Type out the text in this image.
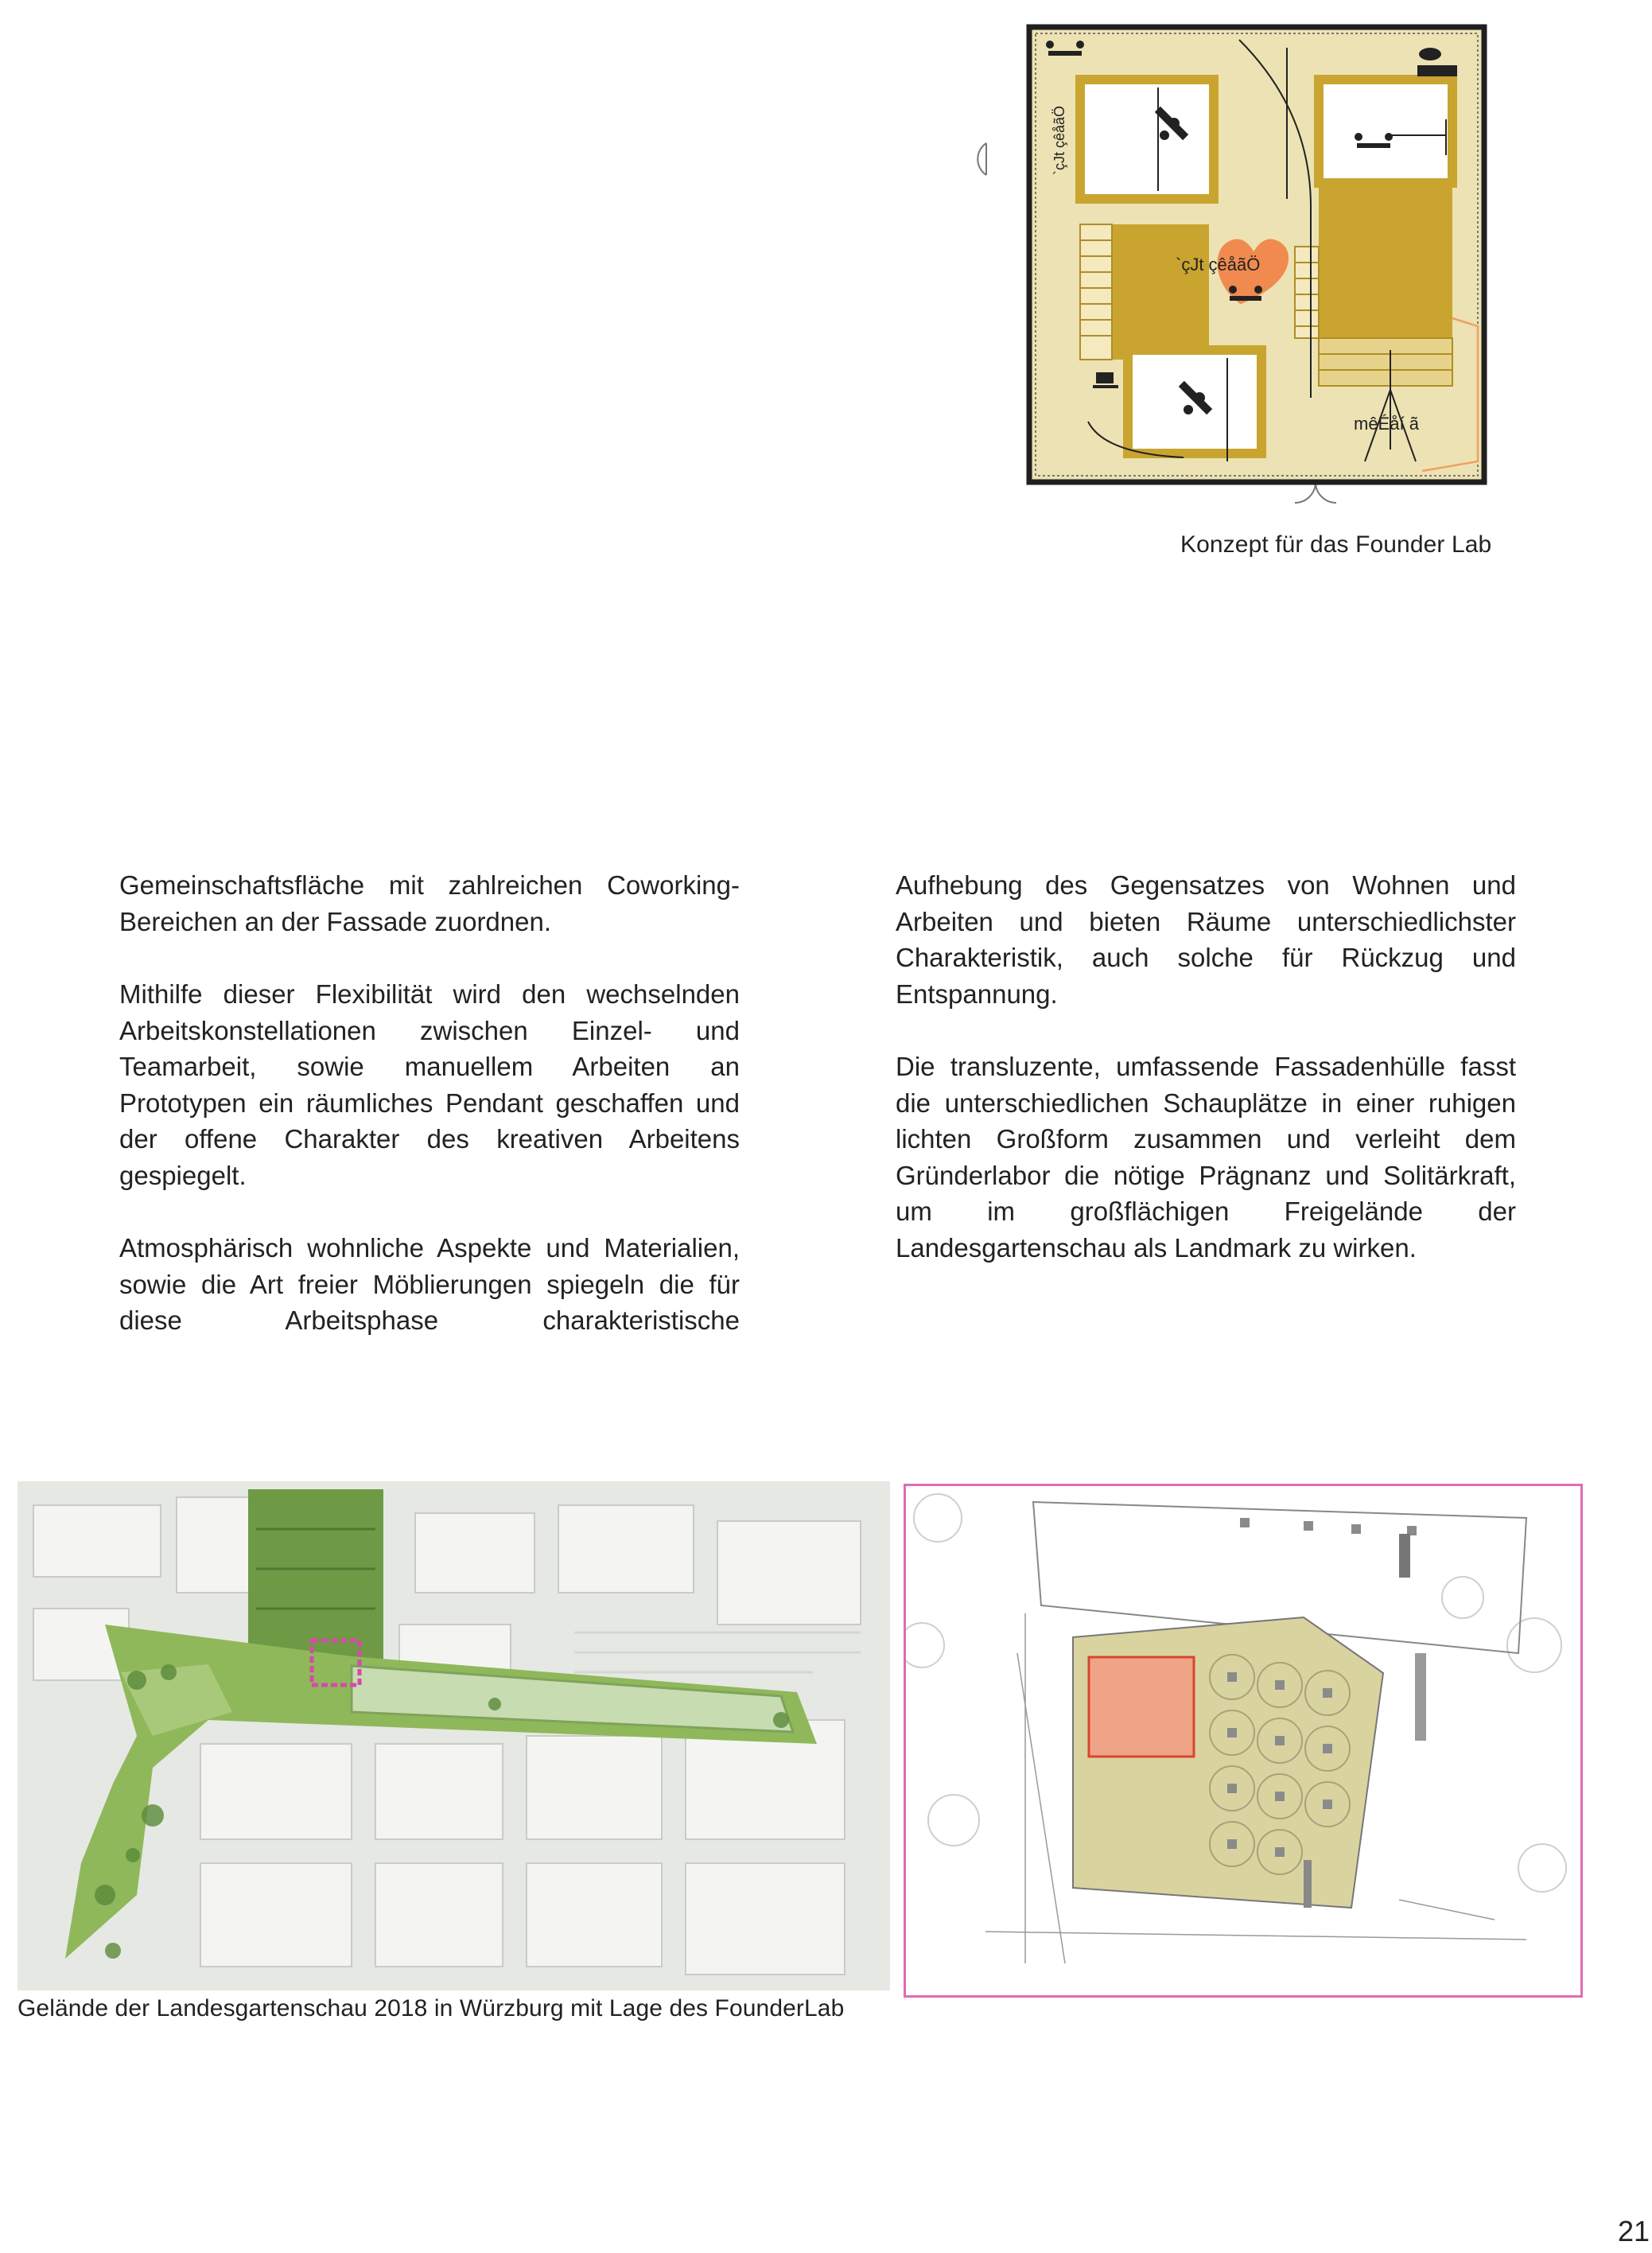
`çJt çêåãÖ
`çJt çêåãÖ
mêÉåí ã
Konzept für das Founder Lab

Gemeinschaftsfläche mit zahlreichen Coworking-Bereichen an der Fassade zuordnen.

Mithilfe dieser Flexibilität wird den wechselnden Arbeitskonstellationen zwischen Einzel- und Teamarbeit, sowie manuellem Arbeiten an Prototypen ein räumliches Pendant geschaffen und der offene Charakter des kreativen Arbeitens gespiegelt.

Atmosphärisch wohnliche Aspekte und Materialien, sowie die Art freier Möblierungen spiegeln die für diese Arbeitsphase charakteristische

Aufhebung des Gegensatzes von Wohnen und Arbeiten und bieten Räume unterschiedlichster Charakteristik, auch solche für Rückzug und Entspannung.

Die transluzente, umfassende Fassadenhülle fasst die unterschiedlichen Schauplätze in einer ruhigen lichten Großform zusammen und verleiht dem Gründerlabor die nötige Prägnanz und Solitärkraft, um im großflächigen Freigelände der Landesgartenschau als Landmark zu wirken.

Gelände der Landesgartenschau 2018 in Würzburg mit Lage des FounderLab
21
